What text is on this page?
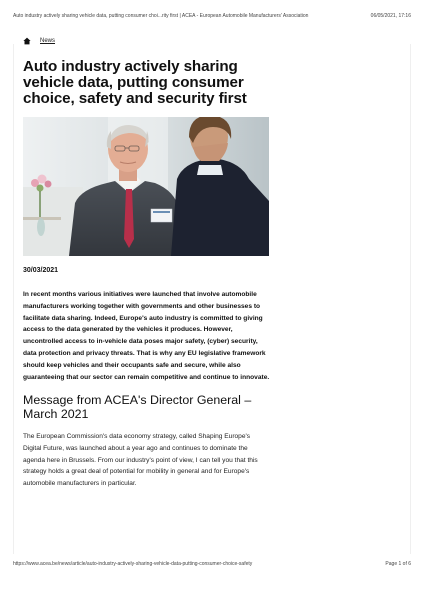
Auto industry actively sharing vehicle data, putting consumer choi...rity first | ACEA - European Automobile Manufacturers' Association	06/05/2021, 17:16
News
Auto industry actively sharing vehicle data, putting consumer choice, safety and security first
30/03/2021
In recent months various initiatives were launched that involve automobile manufacturers working together with governments and other businesses to facilitate data sharing. Indeed, Europe's auto industry is committed to giving access to the data generated by the vehicles it produces. However, uncontrolled access to in-vehicle data poses major safety, (cyber) security, data protection and privacy threats. That is why any EU legislative framework should keep vehicles and their occupants safe and secure, while also guaranteeing that our sector can remain competitive and continue to innovate.
Message from ACEA's Director General – March 2021
The European Commission's data economy strategy, called Shaping Europe's Digital Future, was launched about a year ago and continues to dominate the agenda here in Brussels. From our industry's point of view, I can tell you that this strategy holds a great deal of potential for mobility in general and for Europe's automobile manufacturers in particular.
https://www.acea.be/news/article/auto-industry-actively-sharing-vehicle-data-putting-consumer-choice-safety	Page 1 of 6
